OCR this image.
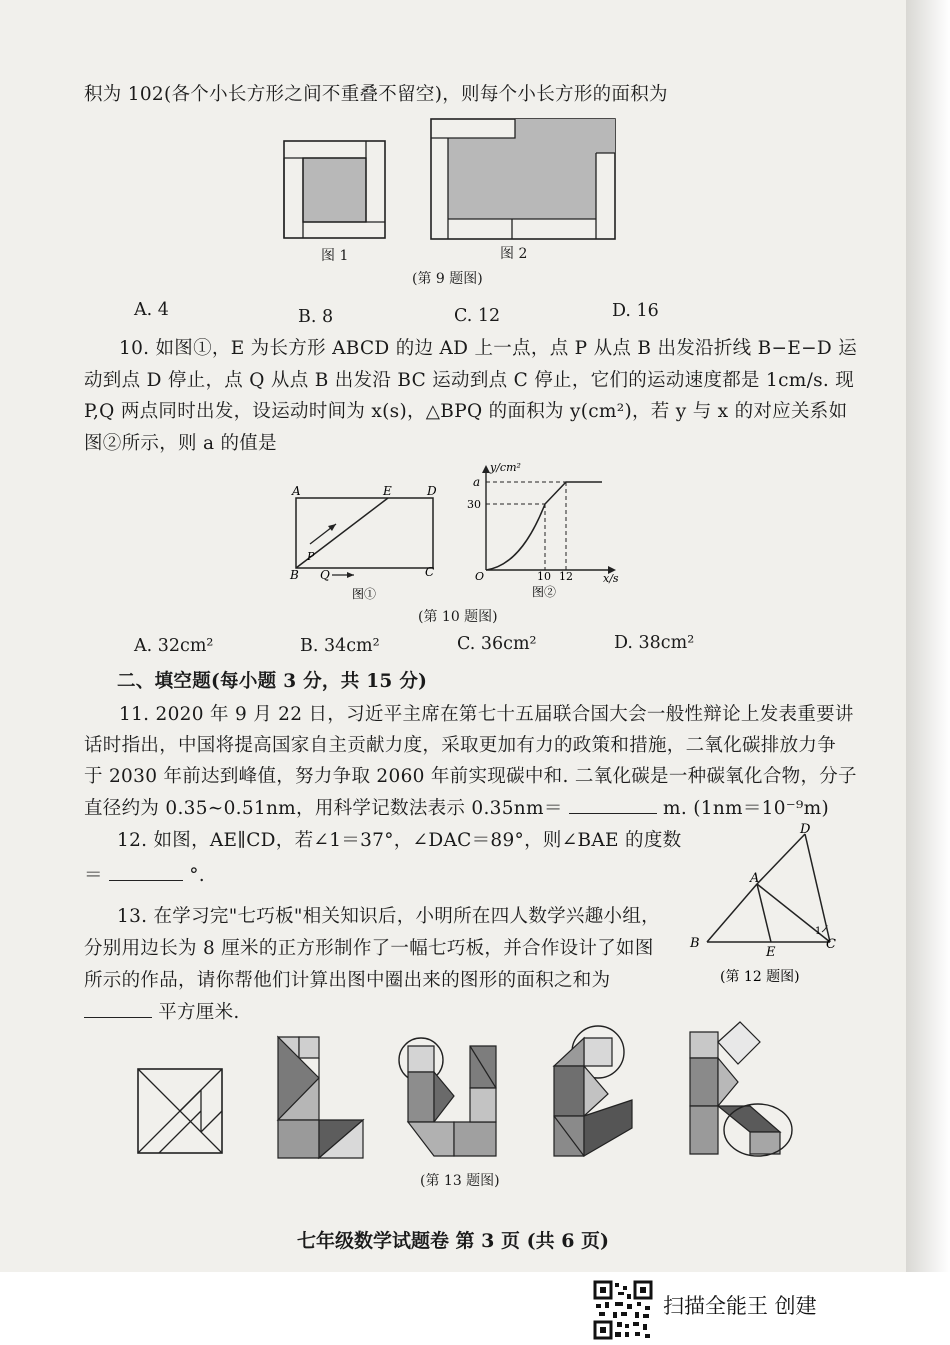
积为 102(各个小长方形之间不重叠不留空)，则每个小长方形的面积为
图 1	图 2
(第 9 题图)
A. 4	B. 8	C. 12	D. 16
10. 如图①，E 为长方形 ABCD 的边 AD 上一点，点 P 从点 B 出发沿折线 B−E−D 运
动到点 D 停止，点 Q 从点 B 出发沿 BC 运动到点 C 停止，它们的运动速度都是 1cm/s. 现
P,Q 两点同时出发，设运动时间为 x(s)，△BPQ 的面积为 y(cm²)，若 y 与 x 的对应关系如
图②所示，则 a 的值是
A	E	D
B	C
P
Q
图①
y/cm²
x/s
a
30
O	10 12
图②
(第 10 题图)
A. 32cm²	B. 34cm²	C. 36cm²	D. 38cm²
二、填空题(每小题 3 分，共 15 分)
11. 2020 年 9 月 22 日，习近平主席在第七十五届联合国大会一般性辩论上发表重要讲
话时指出，中国将提高国家自主贡献力度，采取更加有力的政策和措施，二氧化碳排放力争
于 2030 年前达到峰值，努力争取 2060 年前实现碳中和. 二氧化碳是一种碳氧化合物，分子
直径约为 0.35∼0.51nm，用科学记数法表示 0.35nm＝	m. (1nm＝10⁻⁹m)
12. 如图，AE∥CD，若∠1＝37°，∠DAC＝89°，则∠BAE 的度数
＝	°.
D
A
B
E
C
1
(第 12 题图)
13. 在学习完"七巧板"相关知识后，小明所在四人数学兴趣小组，
分别用边长为 8 厘米的正方形制作了一幅七巧板，并合作设计了如图
所示的作品，请你帮他们计算出图中圈出来的图形的面积之和为
平方厘米.
(第 13 题图)
七年级数学试题卷 第 3 页 (共 6 页)
扫描全能王 创建
